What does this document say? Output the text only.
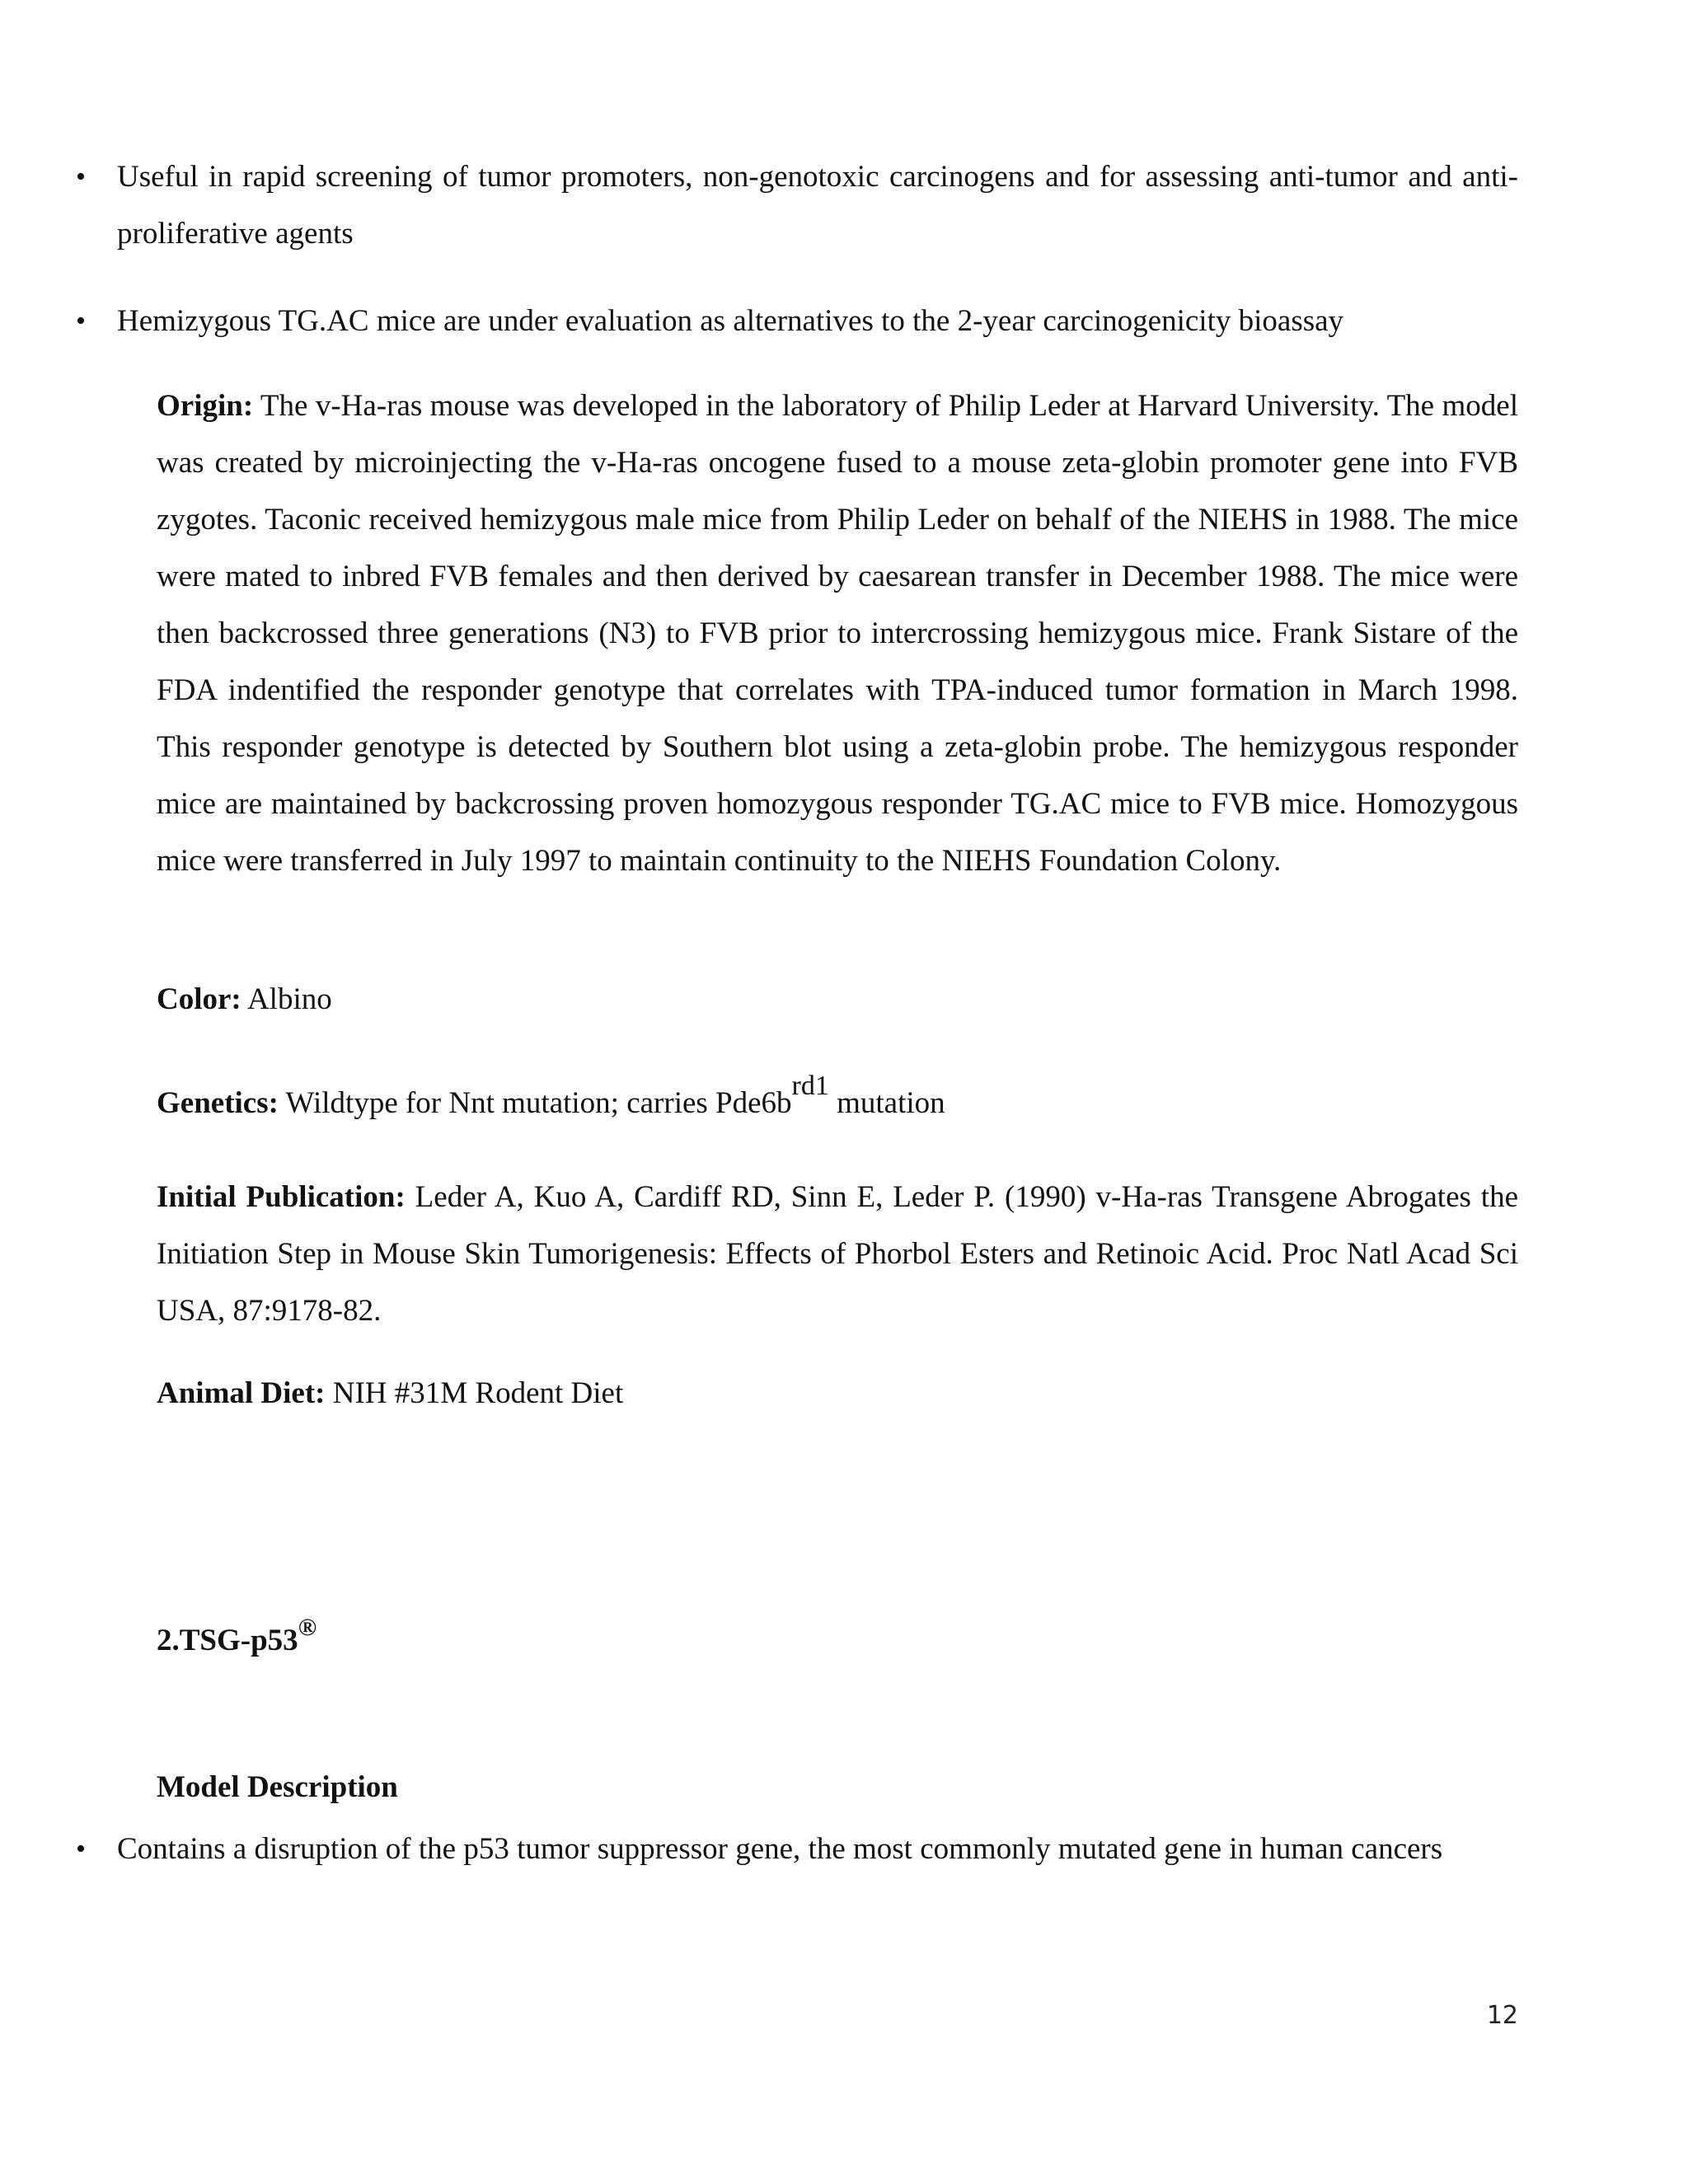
•	Useful in rapid screening of tumor promoters, non-genotoxic carcinogens and for assessing anti-tumor and anti-proliferative agents
•	Hemizygous TG.AC mice are under evaluation as alternatives to the 2-year carcinogenicity bioassay
Origin: The v-Ha-ras mouse was developed in the laboratory of Philip Leder at Harvard University. The model was created by microinjecting the v-Ha-ras oncogene fused to a mouse zeta-globin promoter gene into FVB zygotes. Taconic received hemizygous male mice from Philip Leder on behalf of the NIEHS in 1988. The mice were mated to inbred FVB females and then derived by caesarean transfer in December 1988. The mice were then backcrossed three generations (N3) to FVB prior to intercrossing hemizygous mice. Frank Sistare of the FDA indentified the responder genotype that correlates with TPA-induced tumor formation in March 1998. This responder genotype is detected by Southern blot using a zeta-globin probe. The hemizygous responder mice are maintained by backcrossing proven homozygous responder TG.AC mice to FVB mice. Homozygous mice were transferred in July 1997 to maintain continuity to the NIEHS Foundation Colony.
Color: Albino
Genetics: Wildtype for Nnt mutation; carries Pde6brd1 mutation
Initial Publication: Leder A, Kuo A, Cardiff RD, Sinn E, Leder P. (1990) v-Ha-ras Transgene Abrogates the Initiation Step in Mouse Skin Tumorigenesis: Effects of Phorbol Esters and Retinoic Acid. Proc Natl Acad Sci USA, 87:9178-82.
Animal Diet: NIH #31M Rodent Diet
2.TSG-p53®
Model Description
•	Contains a disruption of the p53 tumor suppressor gene, the most commonly mutated gene in human cancers
12
